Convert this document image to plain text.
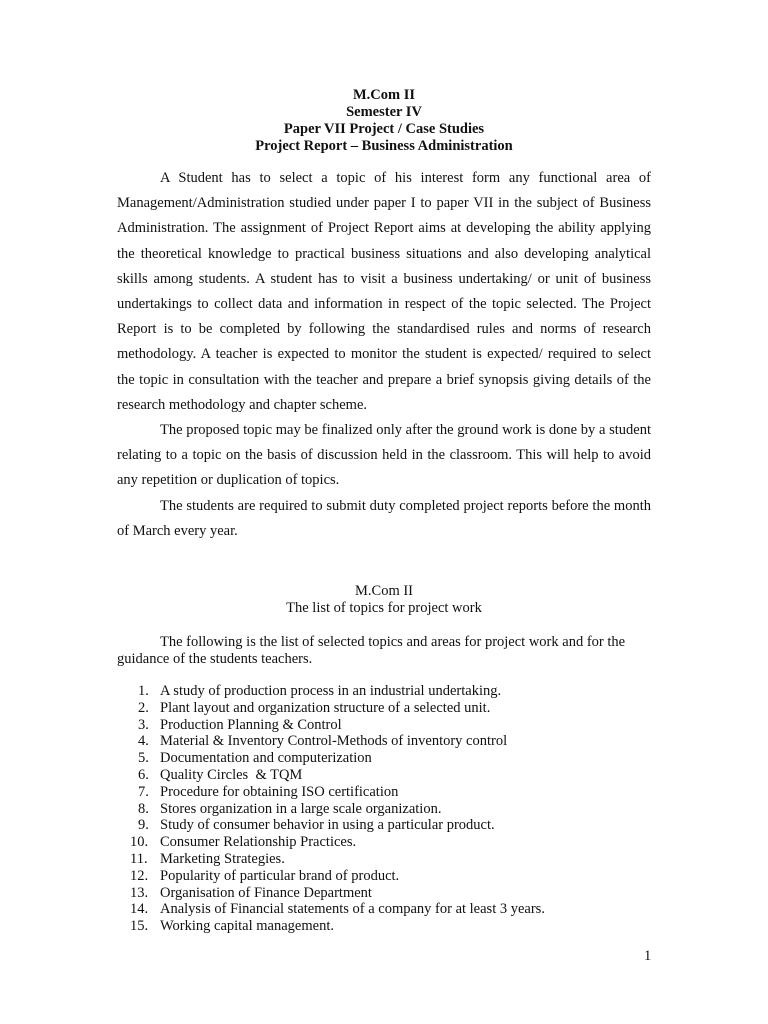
M.Com II
Semester IV
Paper VII Project / Case Studies
Project Report – Business Administration

A Student has to select a topic of his interest form any functional area of Management/Administration studied under paper I to paper VII in the subject of Business Administration. The assignment of Project Report aims at developing the ability applying the theoretical knowledge to practical business situations and also developing analytical skills among students. A student has to visit a business undertaking/ or unit of business undertakings to collect data and information in respect of the topic selected. The Project Report is to be completed by following the standardised rules and norms of research methodology. A teacher is expected to monitor the student is expected/ required to select the topic in consultation with the teacher and prepare a brief synopsis giving details of the research methodology and chapter scheme.

The proposed topic may be finalized only after the ground work is done by a student relating to a topic on the basis of discussion held in the classroom. This will help to avoid any repetition or duplication of topics.

The students are required to submit duty completed project reports before the month of March every year.

M.Com II
The list of topics for project work

The following is the list of selected topics and areas for project work and for the guidance of the students teachers.

1. A study of production process in an industrial undertaking.
2. Plant layout and organization structure of a selected unit.
3. Production Planning & Control
4. Material & Inventory Control-Methods of inventory control
5. Documentation and computerization
6. Quality Circles  & TQM
7. Procedure for obtaining ISO certification
8. Stores organization in a large scale organization.
9. Study of consumer behavior in using a particular product.
10. Consumer Relationship Practices.
11. Marketing Strategies.
12. Popularity of particular brand of product.
13. Organisation of Finance Department
14. Analysis of Financial statements of a company for at least 3 years.
15. Working capital management.
1
